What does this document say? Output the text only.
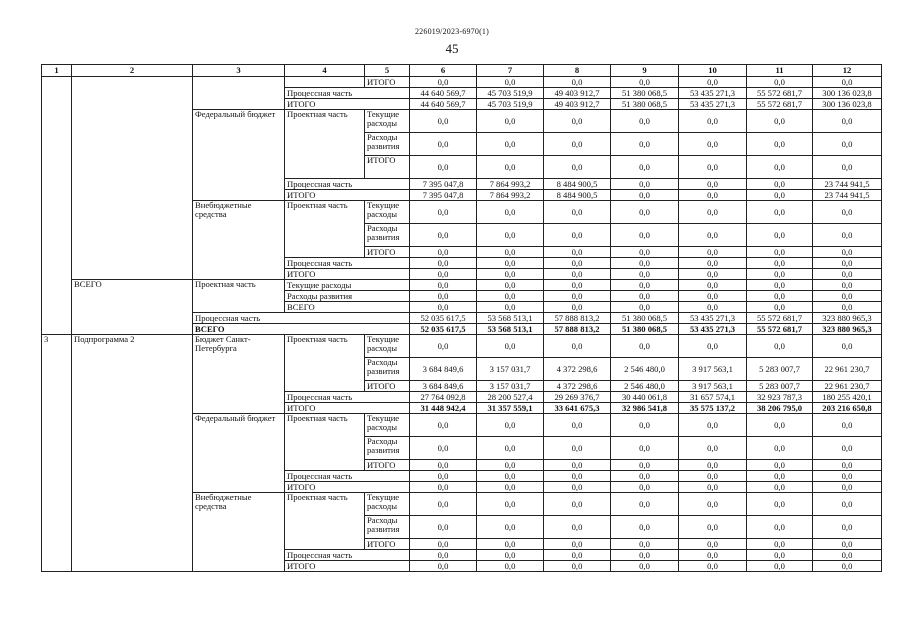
226019/2023-6970(1)
45
1	2	3	4	5	6	7	8	9	10	11	12
				ИТОГО	0,0	0,0	0,0	0,0	0,0	0,0	0,0
			Процессная часть		44 640 569,7	45 703 519,9	49 403 912,7	51 380 068,5	53 435 271,3	55 572 681,7	300 136 023,8
			ИТОГО		44 640 569,7	45 703 519,9	49 403 912,7	51 380 068,5	53 435 271,3	55 572 681,7	300 136 023,8
		Федеральный бюджет	Проектная часть	Текущие расходы	0,0	0,0	0,0	0,0	0,0	0,0	0,0
				Расходы развития	0,0	0,0	0,0	0,0	0,0	0,0	0,0
				ИТОГО	0,0	0,0	0,0	0,0	0,0	0,0	0,0
			Процессная часть		7 395 047,8	7 864 993,2	8 484 900,5	0,0	0,0	0,0	23 744 941,5
			ИТОГО		7 395 047,8	7 864 993,2	8 484 900,5	0,0	0,0	0,0	23 744 941,5
		Внебюджетные средства	Проектная часть	Текущие расходы	0,0	0,0	0,0	0,0	0,0	0,0	0,0
				Расходы развития	0,0	0,0	0,0	0,0	0,0	0,0	0,0
				ИТОГО	0,0	0,0	0,0	0,0	0,0	0,0	0,0
			Процессная часть		0,0	0,0	0,0	0,0	0,0	0,0	0,0
			ИТОГО		0,0	0,0	0,0	0,0	0,0	0,0	0,0
	ВСЕГО	Проектная часть	Текущие расходы		0,0	0,0	0,0	0,0	0,0	0,0	0,0
			Расходы развития		0,0	0,0	0,0	0,0	0,0	0,0	0,0
			ВСЕГО		0,0	0,0	0,0	0,0	0,0	0,0	0,0
		Процессная часть			52 035 617,5	53 568 513,1	57 888 813,2	51 380 068,5	53 435 271,3	55 572 681,7	323 880 965,3
		ВСЕГО			52 035 617,5	53 568 513,1	57 888 813,2	51 380 068,5	53 435 271,3	55 572 681,7	323 880 965,3
3	Подпрограмма 2	Бюджет Санкт-Петербурга	Проектная часть	Текущие расходы	0,0	0,0	0,0	0,0	0,0	0,0	0,0
				Расходы развития	3 684 849,6	3 157 031,7	4 372 298,6	2 546 480,0	3 917 563,1	5 283 007,7	22 961 230,7
				ИТОГО	3 684 849,6	3 157 031,7	4 372 298,6	2 546 480,0	3 917 563,1	5 283 007,7	22 961 230,7
			Процессная часть		27 764 092,8	28 200 527,4	29 269 376,7	30 440 061,8	31 657 574,1	32 923 787,3	180 255 420,1
			ИТОГО		31 448 942,4	31 357 559,1	33 641 675,3	32 986 541,8	35 575 137,2	38 206 795,0	203 216 650,8
		Федеральный бюджет	Проектная часть	Текущие расходы	0,0	0,0	0,0	0,0	0,0	0,0	0,0
				Расходы развития	0,0	0,0	0,0	0,0	0,0	0,0	0,0
				ИТОГО	0,0	0,0	0,0	0,0	0,0	0,0	0,0
			Процессная часть		0,0	0,0	0,0	0,0	0,0	0,0	0,0
			ИТОГО		0,0	0,0	0,0	0,0	0,0	0,0	0,0
		Внебюджетные средства	Проектная часть	Текущие расходы	0,0	0,0	0,0	0,0	0,0	0,0	0,0
				Расходы развития	0,0	0,0	0,0	0,0	0,0	0,0	0,0
				ИТОГО	0,0	0,0	0,0	0,0	0,0	0,0	0,0
			Процессная часть		0,0	0,0	0,0	0,0	0,0	0,0	0,0
			ИТОГО		0,0	0,0	0,0	0,0	0,0	0,0	0,0
